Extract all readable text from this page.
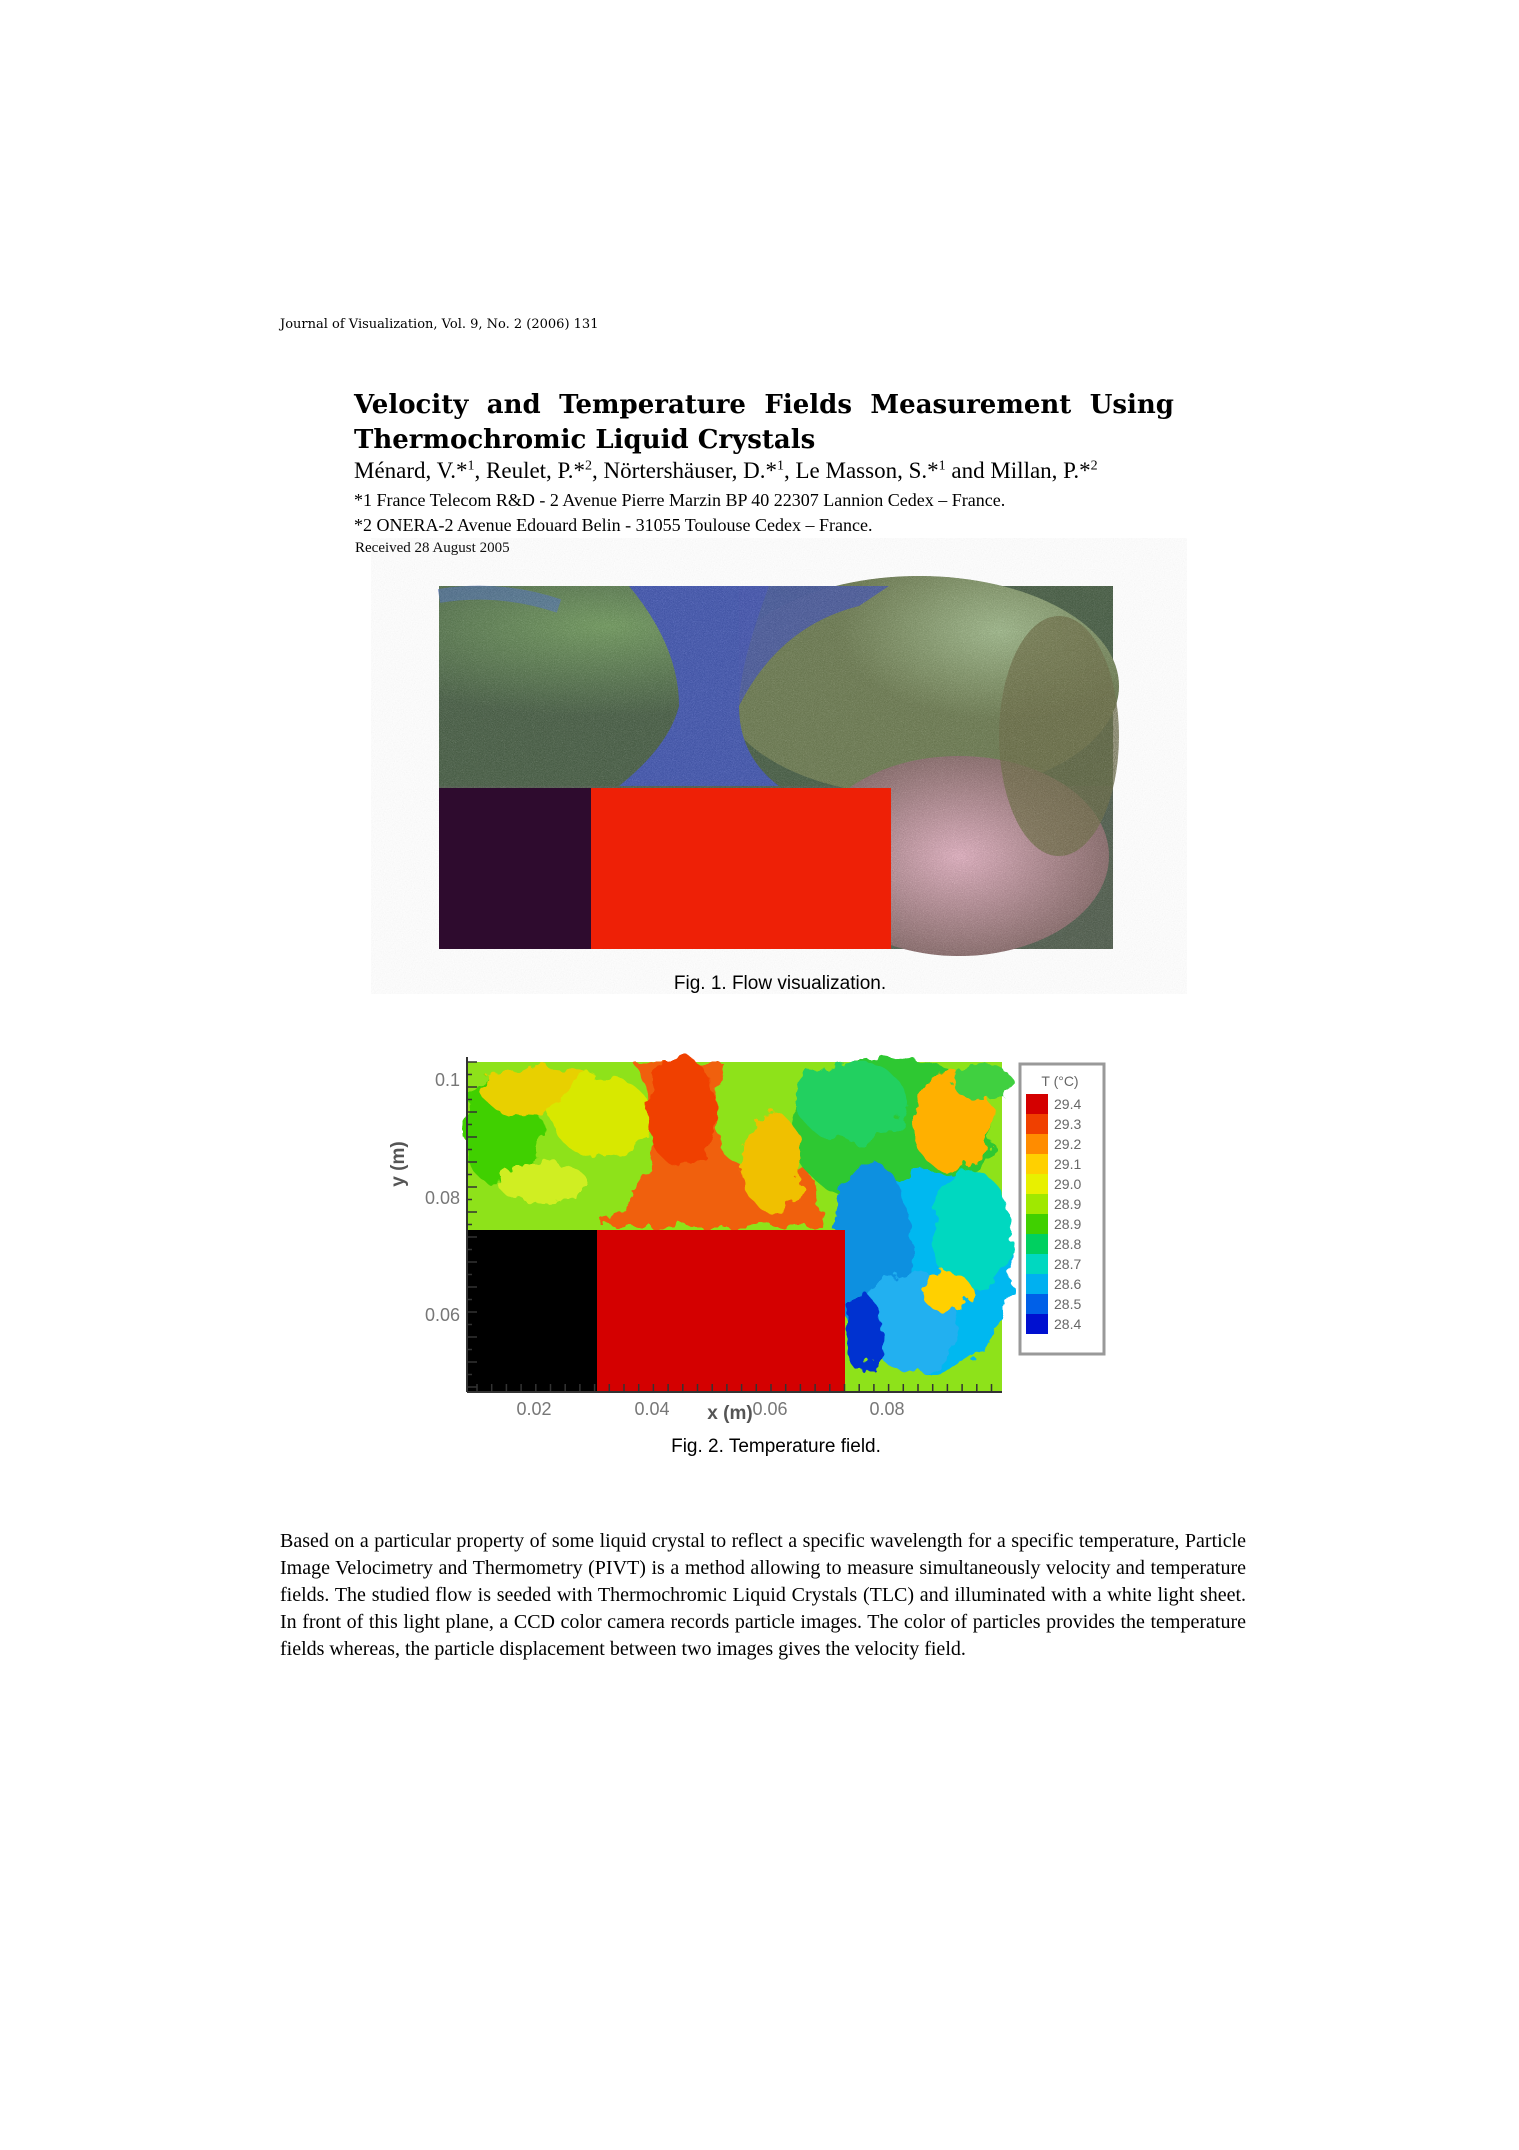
Journal of Visualization, Vol. 9, No. 2 (2006) 131
Velocity and Temperature Fields Measurement Using
Thermochromic Liquid Crystals
Ménard, V.*$^1$, Reulet, P.*$^2$, Nörtershäuser, D.*$^1$, Le Masson, S.*$^1$ and Millan, P.*$^2$
*1 France Telecom R&D - 2 Avenue Pierre Marzin BP 40 22307 Lannion Cedex – France.
*2 ONERA-2 Avenue Edouard Belin - 31055 Toulouse Cedex – France.
Received 28 August 2005
Fig. 1. Flow visualization.
0.1
0.08
0.06
0.02	0.04	0.06	0.08
x (m)
y (m)
T (°C)
29.4
29.3
29.2
29.1
29.0
28.9
28.9
28.8
28.7
28.6
28.5
28.4
Fig. 2. Temperature field.

Based on a particular property of some liquid crystal to reflect a specific wavelength for a specific temperature, Particle Image Velocimetry and Thermometry (PIVT) is a method allowing to measure simultaneously velocity and temperature fields. The studied flow is seeded with Thermochromic Liquid Crystals (TLC) and illuminated with a white light sheet. In front of this light plane, a CCD color camera records particle images. The color of particles provides the temperature fields whereas, the particle displacement between two images gives the velocity field.
